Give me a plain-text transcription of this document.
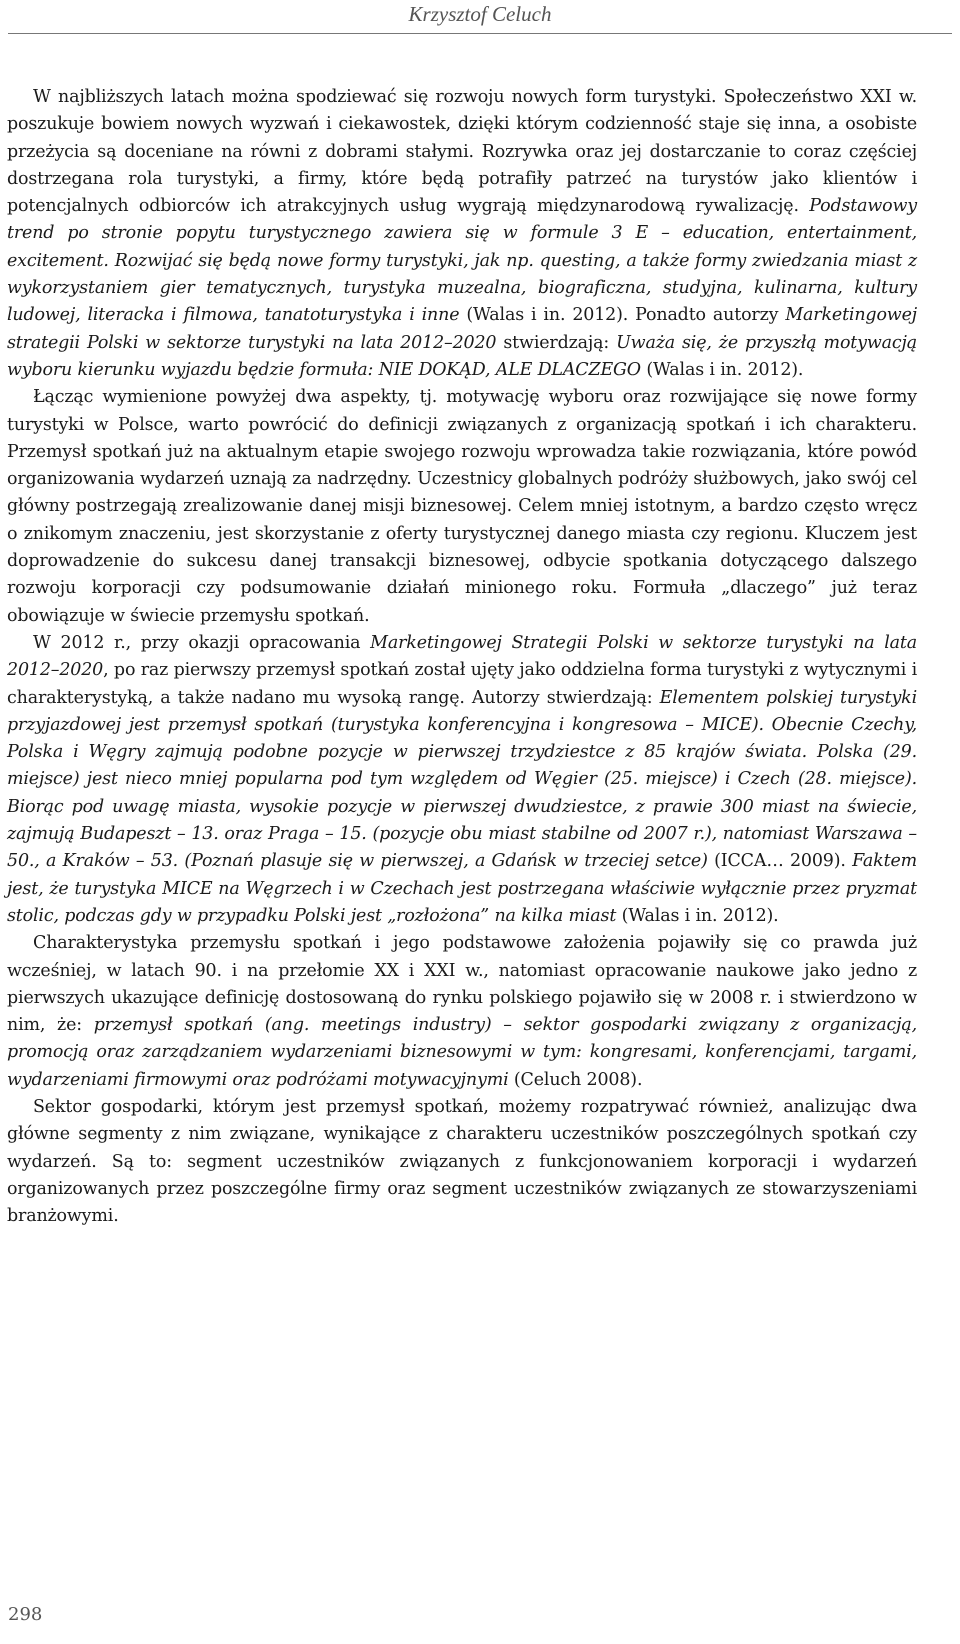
Krzysztof Celuch

W najbliższych latach można spodziewać się rozwoju nowych form turystyki. Społeczeństwo XXI w. poszukuje bowiem nowych wyzwań i ciekawostek, dzięki którym codzienność staje się inna, a osobiste przeżycia są doceniane na równi z dobrami stałymi. Rozrywka oraz jej dostarczanie to coraz częściej dostrzegana rola turystyki, a firmy, które będą potrafiły patrzeć na turystów jako klientów i potencjalnych odbiorców ich atrakcyjnych usług wygrają międzynarodową rywalizację. Podstawowy trend po stronie popytu turystycznego zawiera się w formule 3 E – education, entertainment, excitement. Rozwijać się będą nowe formy turystyki, jak np. questing, a także formy zwiedzania miast z wykorzystaniem gier tematycznych, turystyka muzealna, biograficzna, studyjna, kulinarna, kultury ludowej, literacka i filmowa, tanatoturystyka i inne (Walas i in. 2012). Ponadto autorzy Marketingowej strategii Polski w sektorze turystyki na lata 2012–2020 stwierdzają: Uważa się, że przyszłą motywacją wyboru kierunku wyjazdu będzie formuła: NIE DOKĄD, ALE DLACZEGO (Walas i in. 2012).

Łącząc wymienione powyżej dwa aspekty, tj. motywację wyboru oraz rozwijające się nowe formy turystyki w Polsce, warto powrócić do definicji związanych z organizacją spotkań i ich charakteru. Przemysł spotkań już na aktualnym etapie swojego rozwoju wprowadza takie rozwiązania, które powód organizowania wydarzeń uznają za nadrzędny. Uczestnicy globalnych podróży służbowych, jako swój cel główny postrzegają zrealizowanie danej misji biznesowej. Celem mniej istotnym, a bardzo często wręcz o znikomym znaczeniu, jest skorzystanie z oferty turystycznej danego miasta czy regionu. Kluczem jest doprowadzenie do sukcesu danej transakcji biznesowej, odbycie spotkania dotyczącego dalszego rozwoju korporacji czy podsumowanie działań minionego roku. Formuła „dlaczego” już teraz obowiązuje w świecie przemysłu spotkań.

W 2012 r., przy okazji opracowania Marketingowej Strategii Polski w sektorze turystyki na lata 2012–2020, po raz pierwszy przemysł spotkań został ujęty jako oddzielna forma turystyki z wytycznymi i charakterystyką, a także nadano mu wysoką rangę. Autorzy stwierdzają: Elementem polskiej turystyki przyjazdowej jest przemysł spotkań (turystyka konferencyjna i kongresowa – MICE). Obecnie Czechy, Polska i Węgry zajmują podobne pozycje w pierwszej trzydziestce z 85 krajów świata. Polska (29. miejsce) jest nieco mniej popularna pod tym względem od Węgier (25. miejsce) i Czech (28. miejsce). Biorąc pod uwagę miasta, wysokie pozycje w pierwszej dwudziestce, z prawie 300 miast na świecie, zajmują Budapeszt – 13. oraz Praga – 15. (pozycje obu miast stabilne od 2007 r.), natomiast Warszawa – 50., a Kraków – 53. (Poznań plasuje się w pierwszej, a Gdańsk w trzeciej setce) (ICCA… 2009). Faktem jest, że turystyka MICE na Węgrzech i w Czechach jest postrzegana właściwie wyłącznie przez pryzmat stolic, podczas gdy w przypadku Polski jest „rozłożona” na kilka miast (Walas i in. 2012).

Charakterystyka przemysłu spotkań i jego podstawowe założenia pojawiły się co prawda już wcześniej, w latach 90. i na przełomie XX i XXI w., natomiast opracowanie naukowe jako jedno z pierwszych ukazujące definicję dostosowaną do rynku polskiego pojawiło się w 2008 r. i stwierdzono w nim, że: przemysł spotkań (ang. meetings industry) – sektor gospodarki związany z organizacją, promocją oraz zarządzaniem wydarzeniami biznesowymi w tym: kongresami, konferencjami, targami, wydarzeniami firmowymi oraz podróżami motywacyjnymi (Celuch 2008).

Sektor gospodarki, którym jest przemysł spotkań, możemy rozpatrywać również, analizując dwa główne segmenty z nim związane, wynikające z charakteru uczestników poszczególnych spotkań czy wydarzeń. Są to: segment uczestników związanych z funkcjonowaniem korporacji i wydarzeń organizowanych przez poszczególne firmy oraz segment uczestników związanych ze stowarzyszeniami branżowymi.

298
